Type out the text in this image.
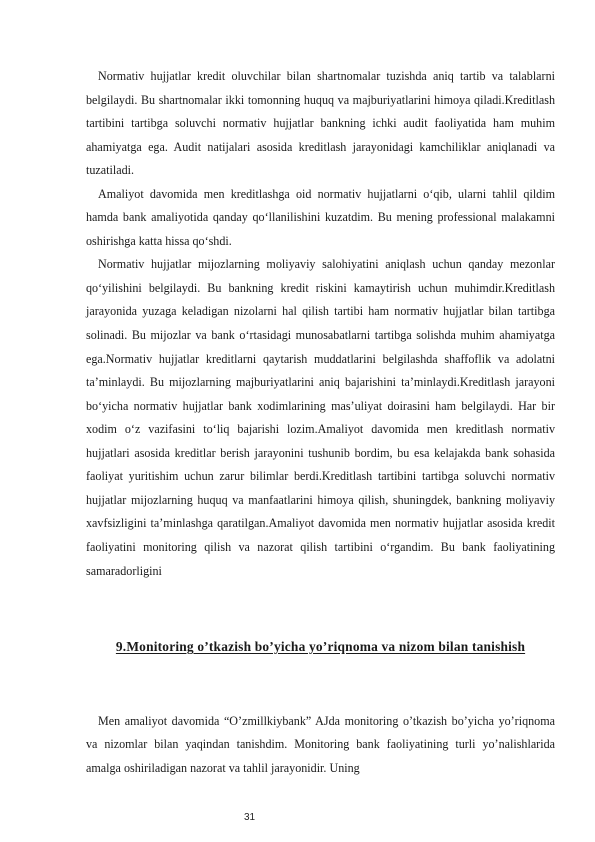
Normativ hujjatlar kredit oluvchilar bilan shartnomalar tuzishda aniq tartib va talablarni belgilaydi. Bu shartnomalar ikki tomonning huquq va majburiyatlarini himoya qiladi.Kreditlash tartibini tartibga soluvchi normativ hujjatlar bankning ichki audit faoliyatida ham muhim ahamiyatga ega. Audit natijalari asosida kreditlash jarayonidagi kamchiliklar aniqlanadi va tuzatiladi.

Amaliyot davomida men kreditlashga oid normativ hujjatlarni o‘qib, ularni tahlil qildim hamda bank amaliyotida qanday qo‘llanilishini kuzatdim. Bu mening professional malakamni oshirishga katta hissa qo‘shdi.

Normativ hujjatlar mijozlarning moliyaviy salohiyatini aniqlash uchun qanday mezonlar qo‘yilishini belgilaydi. Bu bankning kredit riskini kamaytirish uchun muhimdir.Kreditlash jarayonida yuzaga keladigan nizolarni hal qilish tartibi ham normativ hujjatlar bilan tartibga solinadi. Bu mijozlar va bank o‘rtasidagi munosabatlarni tartibga solishda muhim ahamiyatga ega.Normativ hujjatlar kreditlarni qaytarish muddatlarini belgilashda shaffoflik va adolatni ta’minlaydi. Bu mijozlarning majburiyatlarini aniq bajarishini ta’minlaydi.Kreditlash jarayoni bo‘yicha normativ hujjatlar bank xodimlarining mas’uliyat doirasini ham belgilaydi. Har bir xodim o‘z vazifasini to‘liq bajarishi lozim.Amaliyot davomida men kreditlash normativ hujjatlari asosida kreditlar berish jarayonini tushunib bordim, bu esa kelajakda bank sohasida faoliyat yuritishim uchun zarur bilimlar berdi.Kreditlash tartibini tartibga soluvchi normativ hujjatlar mijozlarning huquq va manfaatlarini himoya qilish, shuningdek, bankning moliyaviy xavfsizligini ta’minlashga qaratilgan.Amaliyot davomida men normativ hujjatlar asosida kredit faoliyatini monitoring qilish va nazorat qilish tartibini o‘rgandim. Bu bank faoliyatining samaradorligini

9.Monitoring o’tkazish bo’yicha yo’riqnoma va nizom bilan tanishish

Men amaliyot davomida “O’zmillkiybank” AJda monitoring o’tkazish bo’yicha yo’riqnoma va nizomlar bilan yaqindan tanishdim. Monitoring bank faoliyatining turli yo’nalishlarida amalga oshiriladigan nazorat va tahlil jarayonidir. Uning

31
